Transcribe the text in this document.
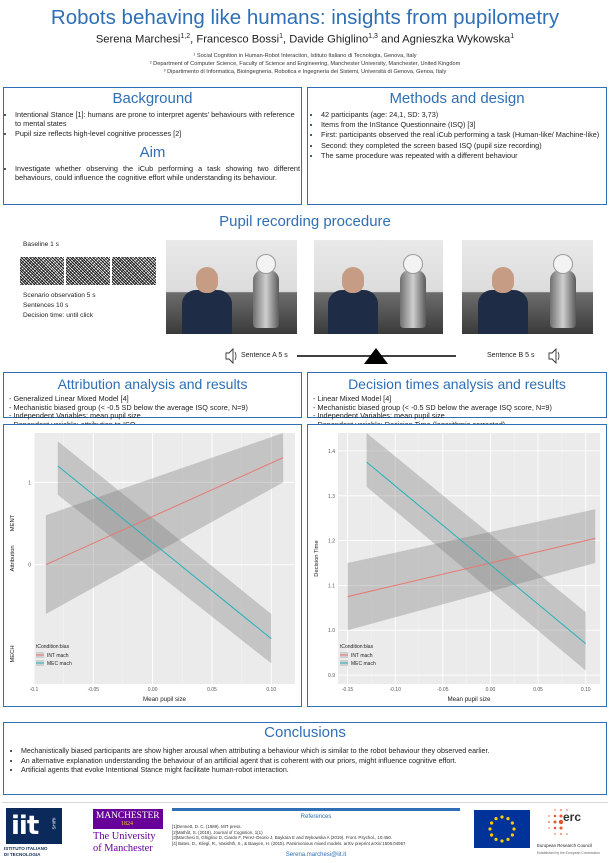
Robots behaving like humans: insights from pupilometry
Serena Marchesi$^{1,2}$, Francesco Bossi$^1$, Davide Ghiglino$^{1,3}$ and Agnieszka Wykowska$^1$
¹ Social Cognition in Human-Robot Interaction, Istituto Italiano di Tecnologia, Genova, Italy
² Department of Computer Science, Faculty of Science and Engineering, Manchester University, Manchester, United Kingdom
³ Dipartimento di Informatica, Bioingegneria, Robotica e Ingegneria dei Sistemi, Università di Genova, Genoa, Italy
Background
• Intentional Stance [1]: humans are prone to interpret agents' behaviours with reference to mental states
• Pupil size reflects high-level cognitive processes [2]
Aim
• Investigate whether observing the iCub performing a task showing two different behaviours, could influence the cognitive effort while understanding its behaviour.
Methods and design
• 42 participants (age: 24,1, SD: 3,73)
• Items from the InStance Questionnaire (ISQ) [3]
• First: participants observed the real iCub performing a task (Human-like/ Machine-like)
• Second: they completed the screen based ISQ (pupil size recording)
• The same procedure was repeated with a different behaviour
Pupil recording procedure
Baseline 1 s
Scenario observation 5 s
Sentences 10 s
Decision time: until click
Sentence A 5 s	Sentence B 5 s
Attribution analysis and results
- Generalized Linear Mixed Model [4]
- Mechanistic biased group (< -0.5 SD below the average ISQ score, N=9)
- Independent Variables: mean pupil size
Decision times analysis and results
- Linear Mixed Model [4]
- Mechanistic biased group (< -0.5 SD below the average ISQ score, N=9)
- Independent Variables: mean pupil size
-0.1	-0.05	0.00	0.05	0.10
1
0
Mean pupil size
Attribution
MENT
MECH	tCondition:bias
INT mach
MEC mach
-0.15	-0.10	-0.05	0.00	0.05	0.10
0.9
1.0
1.1
1.2
1.3
1.4
Mean pupil size
Decision Time
tCondition:bias
INT mach
MEC mach
Conclusions
• Mechanistically biased participants are show higher arousal when attributing a behaviour which is similar to the robot behaviour they observed earlier.
• An alternative explanation understanding the behaviour of an artificial agent that is coherent with our priors, might influence cognitive effort.
• Artificial agents that evoke Intentional Stance might facilitate human-robot interaction.
iit	SHIRI
ISTITUTO ITALIANO
DI TECNOLOGIA
MANCHESTER
1824
The University
of Manchester
References
[1]Dennett, D. C. (1989). MIT press.
[2]Mathôt, S. (2018). Journal of Cognition, 1(1)
[3]Marchesi S, Ghiglino D, Ciardo F, Perez-Osorio J, Baykara E and Wykowska A (2019). Front. Psychol., 10:450.
[4] Bates, D., Kliegl, R., Vasishth, S., & Baayen, H. (2015). Parsimonious mixed models. arXiv preprint arXiv:1506.04967
Serena.marchesi@iit.it
erc
European Research Council
Established by the European Commission
